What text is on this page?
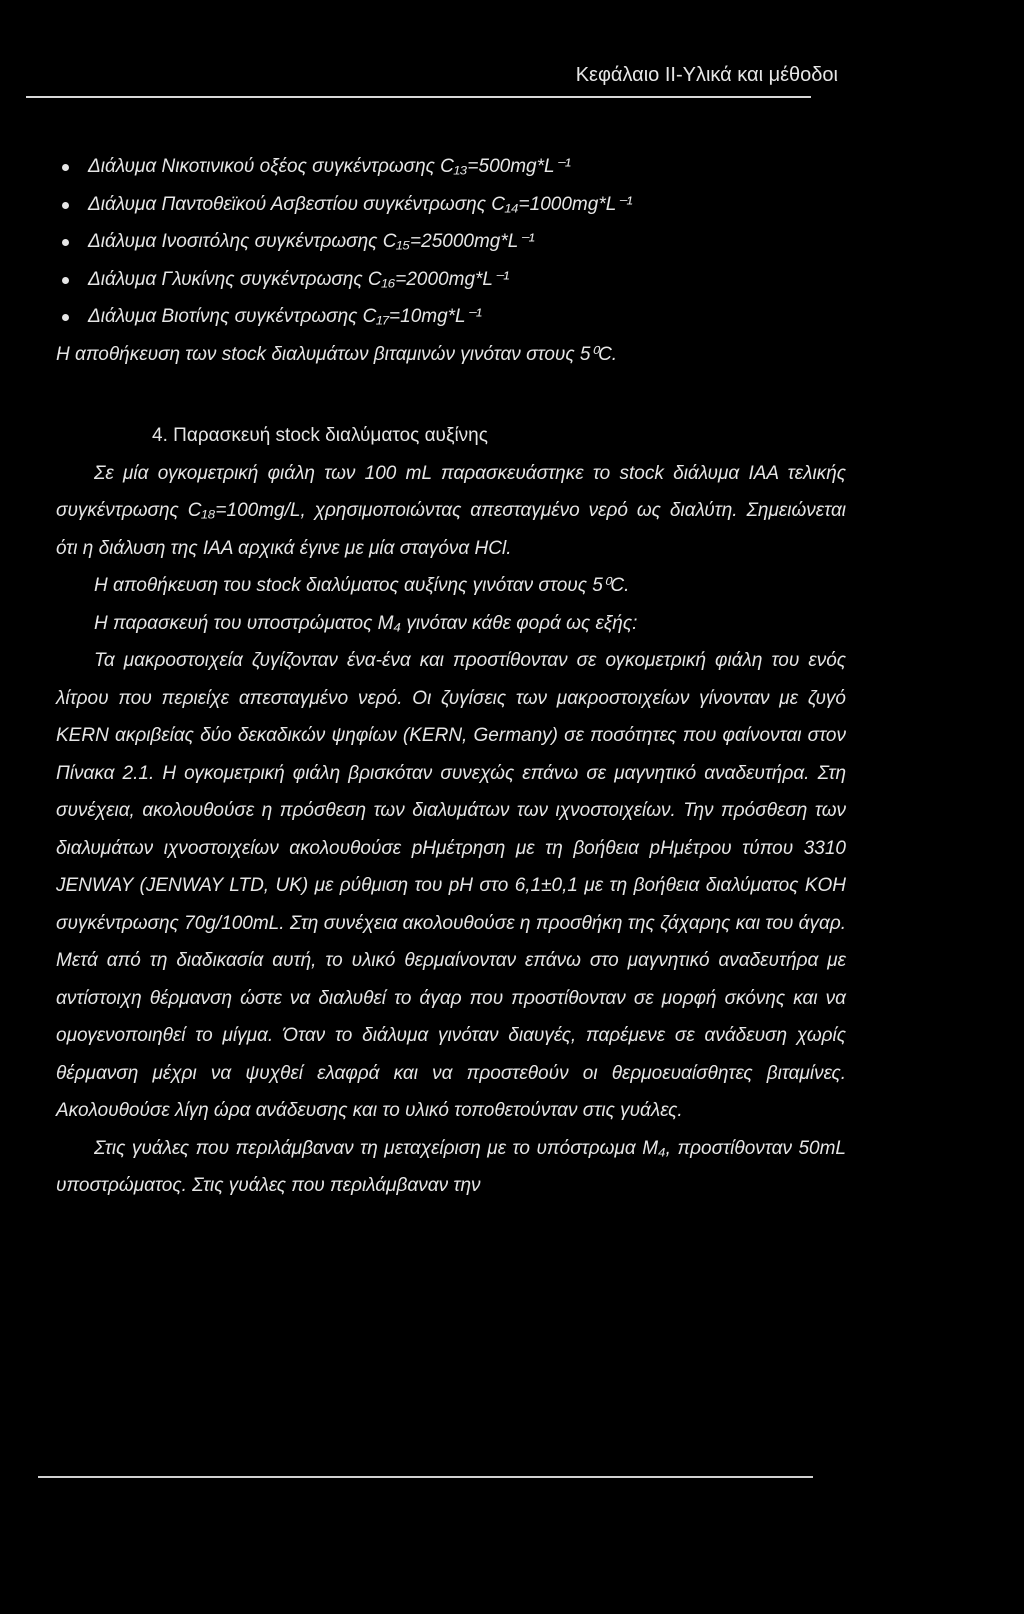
Κεφάλαιο ΙΙ-Υλικά και μέθοδοι
Διάλυμα Νικοτινικού οξέος συγκέντρωσης C₁₃=500mg*L⁻¹
Διάλυμα Παντοθεϊκού Ασβεστίου συγκέντρωσης C₁₄=1000mg*L⁻¹
Διάλυμα Ινοσιτόλης συγκέντρωσης C₁₅=25000mg*L⁻¹
Διάλυμα Γλυκίνης συγκέντρωσης C₁₆=2000mg*L⁻¹
Διάλυμα Βιοτίνης συγκέντρωσης C₁₇=10mg*L⁻¹
Η αποθήκευση των stock διαλυμάτων βιταμινών γινόταν στους 5⁰C.
4. Παρασκευή stock διαλύματος αυξίνης

Σε μία ογκομετρική φιάλη των 100 mL παρασκευάστηκε το stock διάλυμα IAA τελικής συγκέντρωσης C₁₈=100mg/L, χρησιμοποιώντας απεσταγμένο νερό ως διαλύτη. Σημειώνεται ότι η διάλυση της IAA αρχικά έγινε με μία σταγόνα HCl.

Η αποθήκευση του stock διαλύματος αυξίνης γινόταν στους 5⁰C.

Η παρασκευή του υποστρώματος M₄ γινόταν κάθε φορά ως εξής:

Τα μακροστοιχεία ζυγίζονταν ένα-ένα και προστίθονταν σε ογκομετρική φιάλη του ενός λίτρου που περιείχε απεσταγμένο νερό. Οι ζυγίσεις των μακροστοιχείων γίνονταν με ζυγό KERN ακριβείας δύο δεκαδικών ψηφίων (KERN, Germany) σε ποσότητες που φαίνονται στον Πίνακα 2.1. Η ογκομετρική φιάλη βρισκόταν συνεχώς επάνω σε μαγνητικό αναδευτήρα. Στη συνέχεια, ακολουθούσε η πρόσθεση των διαλυμάτων των ιχνοστοιχείων. Την πρόσθεση των διαλυμάτων ιχνοστοιχείων ακολουθούσε pHμέτρηση με τη βοήθεια pHμέτρου τύπου 3310 JENWAY (JENWAY LTD, UK) με ρύθμιση του pH στο 6,1±0,1 με τη βοήθεια διαλύματος KOH συγκέντρωσης 70g/100mL. Στη συνέχεια ακολουθούσε η προσθήκη της ζάχαρης και του άγαρ. Μετά από τη διαδικασία αυτή, το υλικό θερμαίνονταν επάνω στο μαγνητικό αναδευτήρα με αντίστοιχη θέρμανση ώστε να διαλυθεί το άγαρ που προστίθονταν σε μορφή σκόνης και να ομογενοποιηθεί το μίγμα. Όταν το διάλυμα γινόταν διαυγές, παρέμενε σε ανάδευση χωρίς θέρμανση μέχρι να ψυχθεί ελαφρά και να προστεθούν οι θερμοευαίσθητες βιταμίνες. Ακολουθούσε λίγη ώρα ανάδευσης και το υλικό τοποθετούνταν στις γυάλες.

Στις γυάλες που περιλάμβαναν τη μεταχείριση με το υπόστρωμα M₄, προστίθονταν 50mL υποστρώματος. Στις γυάλες που περιλάμβαναν την
